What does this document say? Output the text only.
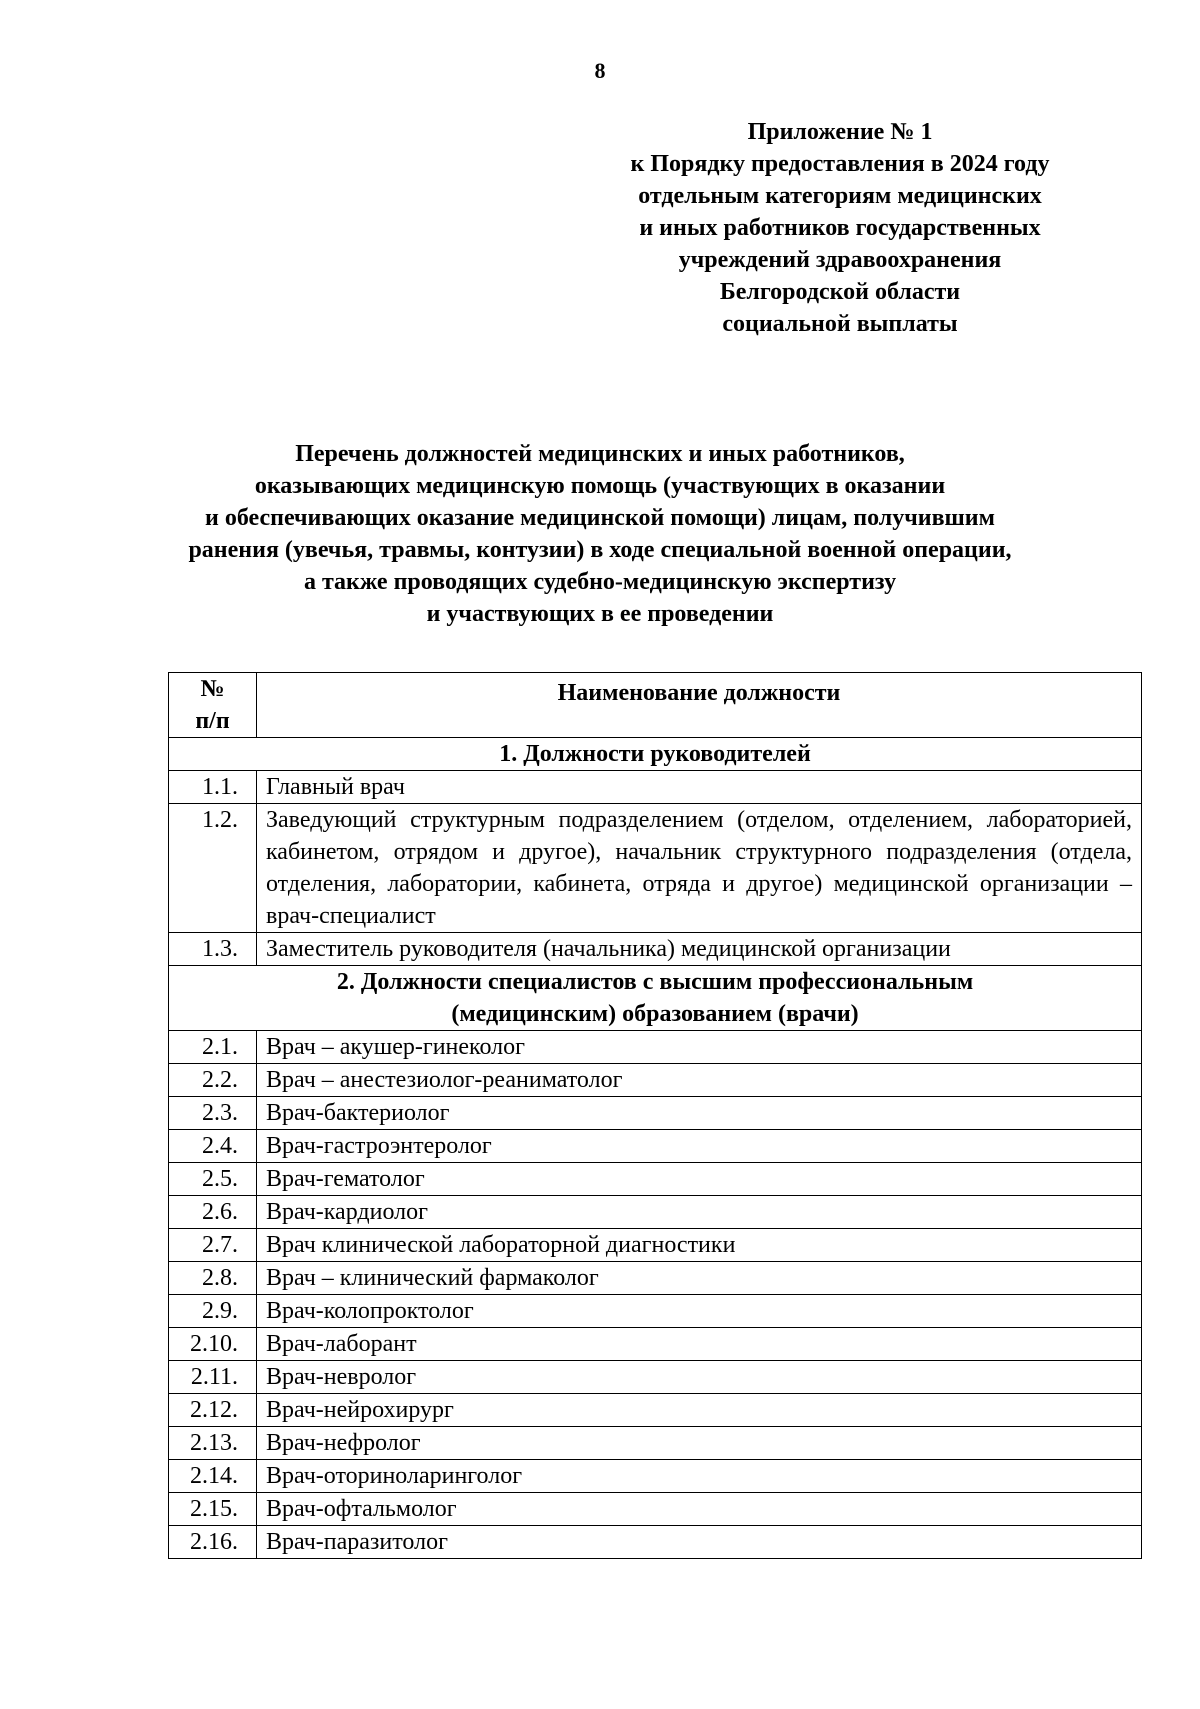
8
Приложение № 1
к Порядку предоставления в 2024 году
отдельным категориям медицинских
и иных работников государственных
учреждений здравоохранения
Белгородской области
социальной выплаты
Перечень должностей медицинских и иных работников,
оказывающих медицинскую помощь (участвующих в оказании
и обеспечивающих оказание медицинской помощи) лицам, получившим
ранения (увечья, травмы, контузии) в ходе специальной военной операции,
а также проводящих судебно-медицинскую экспертизу
и участвующих в ее проведении
№
п/п	Наименование должности
1. Должности руководителей	
1.1.	Главный врач
1.2.	Заведующий структурным подразделением (отделом, отделением, лабораторией, кабинетом, отрядом и другое), начальник структурного подразделения (отдела, отделения, лаборатории, кабинета, отряда и другое) медицинской организации – врач-специалист
1.3.	Заместитель руководителя (начальника) медицинской организации

2. Должности специалистов с высшим профессиональным
(медицинским) образованием (врачи)	

2.1.	Врач – акушер-гинеколог
2.2.	Врач – анестезиолог-реаниматолог
2.3.	Врач-бактериолог
2.4.	Врач-гастроэнтеролог
2.5.	Врач-гематолог
2.6.	Врач-кардиолог
2.7.	Врач клинической лабораторной диагностики
2.8.	Врач – клинический фармаколог
2.9.	Врач-колопроктолог
2.10.	Врач-лаборант
2.11.	Врач-невролог
2.12.	Врач-нейрохирург
2.13.	Врач-нефролог
2.14.	Врач-оториноларинголог
2.15.	Врач-офтальмолог
2.16.	Врач-паразитолог
